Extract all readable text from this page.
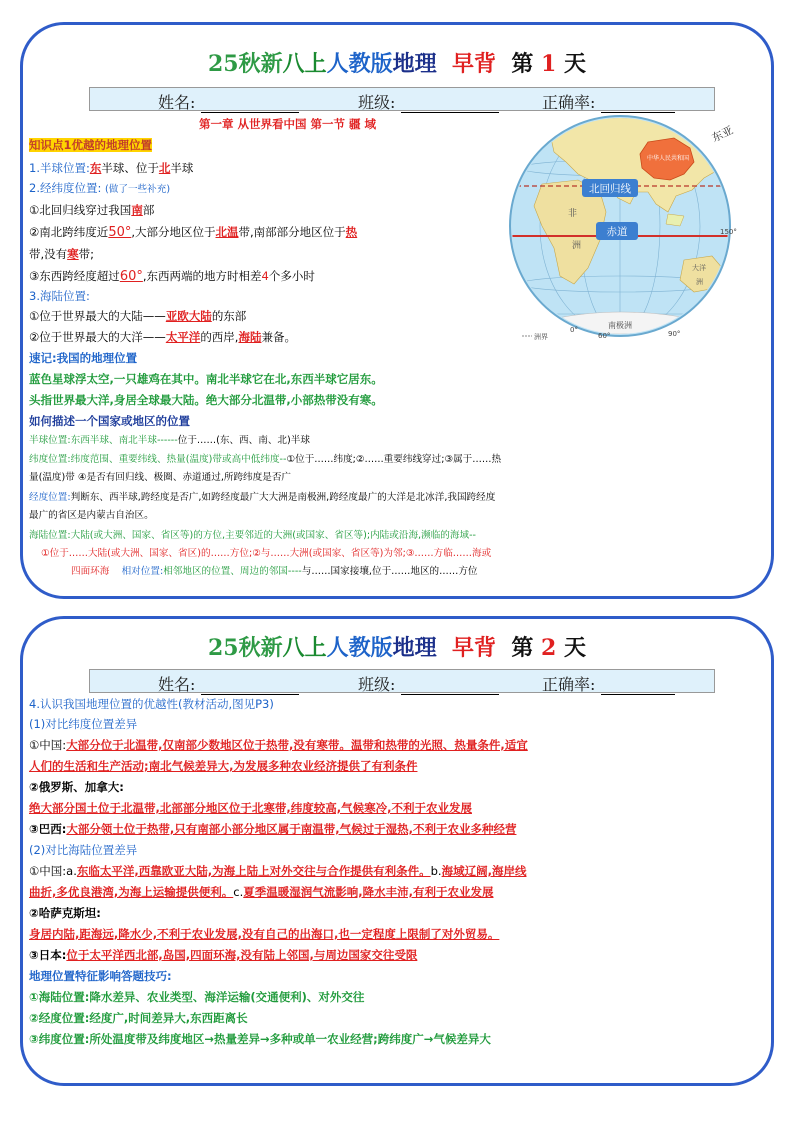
25秋新八上人教版地理 早背 第 1 天
姓名:	班级:	正确率:
第一章 从世界看中国 第一节 疆 域
知识点1优越的地理位置
1.半球位置:东半球、位于北半球
2.经纬度位置: (做了一些补充)
①北回归线穿过我国南部
②南北跨纬度近50°,大部分地区位于北温带,南部部分地区位于热
带,没有寒带;
③东西跨经度超过60°,东西两端的地方时相差4个多小时
3.海陆位置:
①位于世界最大的大陆——亚欧大陆的东部
②位于世界最大的大洋——太平洋的西岸,海陆兼备。
速记:我国的地理位置
蓝色星球浮太空,一只雄鸡在其中。南北半球它在北,东西半球它居东。
头指世界最大洋,身居全球最大陆。绝大部分北温带,小部热带没有寒。
如何描述一个国家或地区的位置
半球位置:东西半球、南北半球------位于……(东、西、南、北)半球
纬度位置:纬度范围、重要纬线、热量(温度)带或高中低纬度--①位于……纬度;②……重要纬线穿过;③属于……热
量(温度)带 ④是否有回归线、极圈、赤道通过,所跨纬度是否广
经度位置:判断东、西半球,跨经度是否广,如跨经度最广大大洲是南极洲,跨经度最广的大洋是北冰洋,我国跨经度
最广的省区是内蒙古自治区。
海陆位置:大陆(或大洲、国家、省区等)的方位,主要邻近的大洲(或国家、省区等);内陆或沿海,濒临的海域--
①位于……大陆(或大洲、国家、省区)的……方位;②与……大洲(或国家、省区等)为邻;③……方临……海或
四面环海 相对位置:相邻地区的位置、周边的邻国----与……国家接壤,位于……地区的……方位
北回归线
赤道
中华人民共和国
东亚
非
洲
大洋
洲
南极洲
150°
0°
60°	90°
洲界
25秋新八上人教版地理 早背 第 2 天
姓名:	班级:	正确率:
4.认识我国地理位置的优越性(教材活动,图见P3)
(1)对比纬度位置差异
①中国:大部分位于北温带,仅南部少数地区位于热带,没有寒带。温带和热带的光照、热量条件,适宜
人们的生活和生产活动;南北气候差异大,为发展多种农业经济提供了有利条件
②俄罗斯、加拿大:
绝大部分国土位于北温带,北部部分地区位于北寒带,纬度较高,气候寒冷,不利于农业发展
③巴西:大部分领土位于热带,只有南部小部分地区属于南温带,气候过于湿热,不利于农业多种经营
(2)对比海陆位置差异
①中国:a.东临太平洋,西靠欧亚大陆,为海上陆上对外交往与合作提供有利条件。b.海域辽阔,海岸线
曲折,多优良港湾,为海上运输提供便利。c.夏季温暖湿润气流影响,降水丰沛,有利于农业发展
②哈萨克斯坦:
身居内陆,距海远,降水少,不利于农业发展,没有自己的出海口,也一定程度上限制了对外贸易。
③日本:位于太平洋西北部,岛国,四面环海,没有陆上邻国,与周边国家交往受限
地理位置特征影响答题技巧:
①海陆位置:降水差异、农业类型、海洋运输(交通便利)、对外交往
②经度位置:经度广,时间差异大,东西距离长
③纬度位置:所处温度带及纬度地区→热量差异→多种或单一农业经营;跨纬度广→气候差异大
